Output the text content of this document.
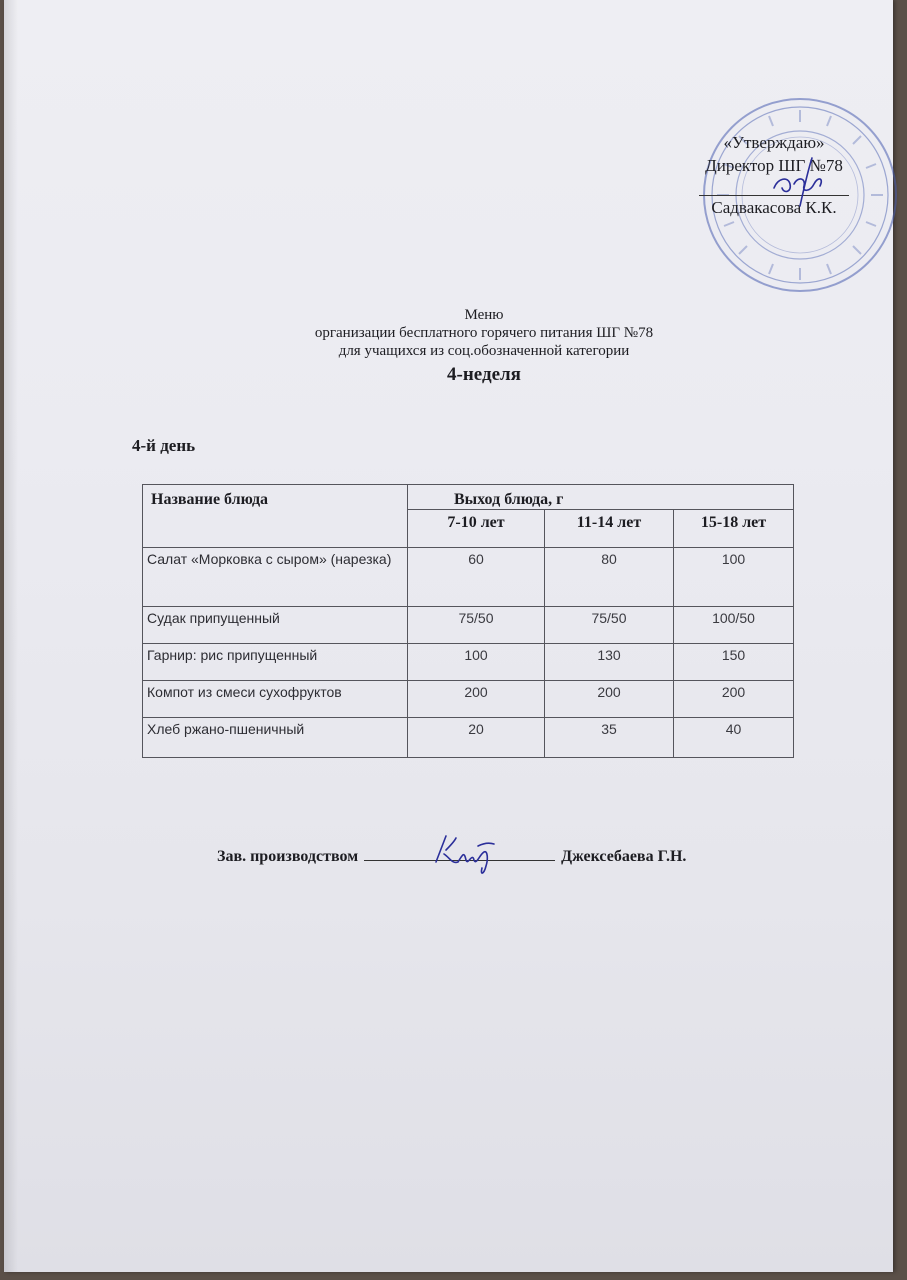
«Утверждаю»
Директор ШГ №78
Садвакасова К.К.
Меню
организации бесплатного горячего питания ШГ №78
для учащихся из соц.обозначенной категории
4-неделя
4-й день
Название блюда	Выход блюда, г		
	7-10 лет	11-14 лет	15-18 лет
Салат «Морковка с сыром» (нарезка)	60	80	100
Судак припущенный	75/50	75/50	100/50
Гарнир: рис припущенный	100	130	150
Компот из смеси сухофруктов	200	200	200
Хлеб ржано-пшеничный	20	35	40
Зав. производством	Джексебаева Г.Н.
